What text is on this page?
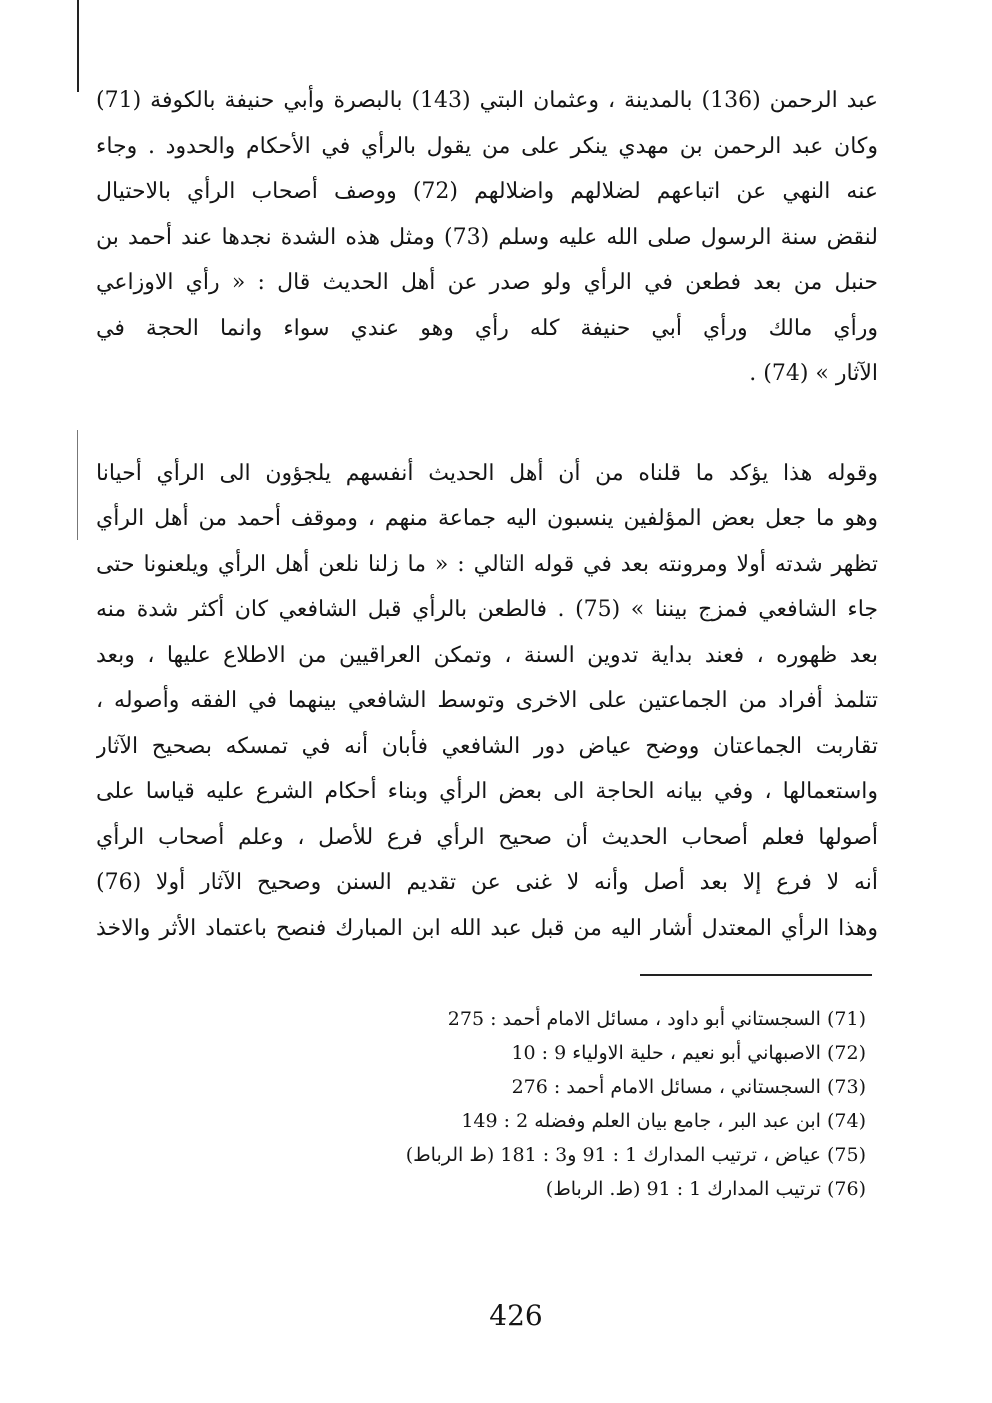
عبد الرحمن (136) بالمدينة ، وعثمان البتي (143) بالبصرة وأبي حنيفة بالكوفة (71)
وكان عبد الرحمن بن مهدي ينكر على من يقول بالرأي في الأحكام والحدود . وجاء
عنه النهي عن اتباعهم لضلالهم واضلالهم (72) ووصف أصحاب الرأي بالاحتيال
لنقض سنة الرسول صلى الله عليه وسلم (73) ومثل هذه الشدة نجدها عند أحمد بن
حنبل من بعد فطعن في الرأي ولو صدر عن أهل الحديث قال : « رأي الاوزاعي
ورأي مالك ورأي أبي حنيفة كله رأي وهو عندي سواء وانما الحجة في
الآثار » (74) .
وقوله هذا يؤكد ما قلناه من أن أهل الحديث أنفسهم يلجؤون الى الرأي أحيانا
وهو ما جعل بعض المؤلفين ينسبون اليه جماعة منهم ، وموقف أحمد من أهل الرأي
تظهر شدته أولا ومرونته بعد في قوله التالي : « ما زلنا نلعن أهل الرأي ويلعنونا حتى
جاء الشافعي فمزج بيننا » (75) . فالطعن بالرأي قبل الشافعي كان أكثر شدة منه
بعد ظهوره ، فعند بداية تدوين السنة ، وتمكن العراقيين من الاطلاع عليها ، وبعد
تتلمذ أفراد من الجماعتين على الاخرى وتوسط الشافعي بينهما في الفقه وأصوله ،
تقاربت الجماعتان ووضح عياض دور الشافعي فأبان أنه في تمسكه بصحيح الآثار
واستعمالها ، وفي بيانه الحاجة الى بعض الرأي وبناء أحكام الشرع عليه قياسا على
أصولها فعلم أصحاب الحديث أن صحيح الرأي فرع للأصل ، وعلم أصحاب الرأي
أنه لا فرع إلا بعد أصل وأنه لا غنى عن تقديم السنن وصحيح الآثار أولا (76)
وهذا الرأي المعتدل أشار اليه من قبل عبد الله ابن المبارك فنصح باعتماد الأثر والاخذ
(71) السجستاني أبو داود ، مسائل الامام أحمد : 275
(72) الاصبهاني أبو نعيم ، حلية الاولياء 9 : 10
(73) السجستاني ، مسائل الامام أحمد : 276
(74) ابن عبد البر ، جامع بيان العلم وفضله 2 : 149
(75) عياض ، ترتيب المدارك 1 : 91 و3 : 181 (ط الرباط)
(76) ترتيب المدارك 1 : 91 (ط. الرباط)
426
